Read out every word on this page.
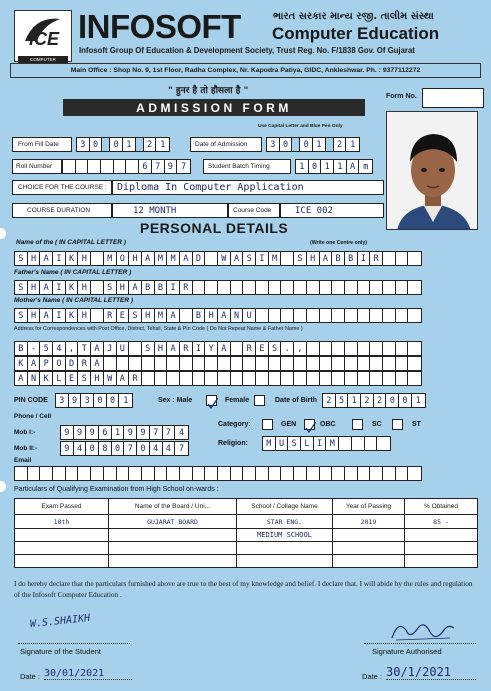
ICE
COMPUTER
INFOSOFT	ભારત સરકાર માન્ય રજી. તાલીમ સંસ્થા
Computer Education
Infosoft Group Of Education & Development Society, Trust Reg. No. F/1838 Gov. Of Gujarat
Main Office : Shop No. 9, 1st Floor, Radha Complex, Nr. Kapodra Patiya, GIDC, Ankleshwar. Ph. : 9377112272
" हुनर है तो हौसला है "
ADMISSION FORM
Form No.
Use Capital Letter and Blue Pen Only
From Fill Date	3 0	0 1	2 1	Date of Admission	3 0	0 1	2 1
Roll Number	6 7 9 7	Student Batch Timing	1 0 1 1 A m
CHOICE FOR THE COURSE : Diploma In Computer Application
COURSE DURATION	12 MONTH	Course Code	ICE 002
PERSONAL DETAILS
Name of the ( IN CAPITAL LETTER )	(Write one Centre only)
S H A I K H	M O H A M M A D	W A S I M	S H A B B I R
Father's Name ( IN CAPITAL LETTER )
S H A I K H	S H A B B I R
Mother's Name ( IN CAPITAL LETTER )
S H A I K H	R E S H M A	B H A N U
Address for Correspondences with Post Office, District, Tehsil, State & Pin Code ( Do Not Repeat Name & Father Name )
B - 5 4 , T A J U	S H A R I Y A	R E S . ,
K A P O D R A
A N K L E S H W A R
PIN CODE	3 9 3 0 0 1	Sex : Male	Female	Date of Birth	2 5 1 2 2 0 0 1
Phone / Cell
Mob I:-	9 9 9 6 1 9 9 7 7 4
Mob II:-	9 4 0 8 0 7 0 4 4 7
Category:	GEN	OBC	SC	ST
Religion:	M U S L I M
Email
Particulars of Qualifying Examination from High School on-wards :
Exam Passed	Name of the Board / Uni...	School / Collage Name	Year of Passing	% Obtained
10th	GUJARAT BOARD	STAR ENG.	2019	85 -
		MEDIUM SCHOOL		

I do hereby declare that the particulars furnished above are true to the best of my knowledge and belief. I declare that. I will abide by the rules and regulation of the Infosoft Computer Education .
W.S.SHAIKH
Signature of the Student	Signature Authorised
Date : 30/01/2021	Date : 30/1/2021
